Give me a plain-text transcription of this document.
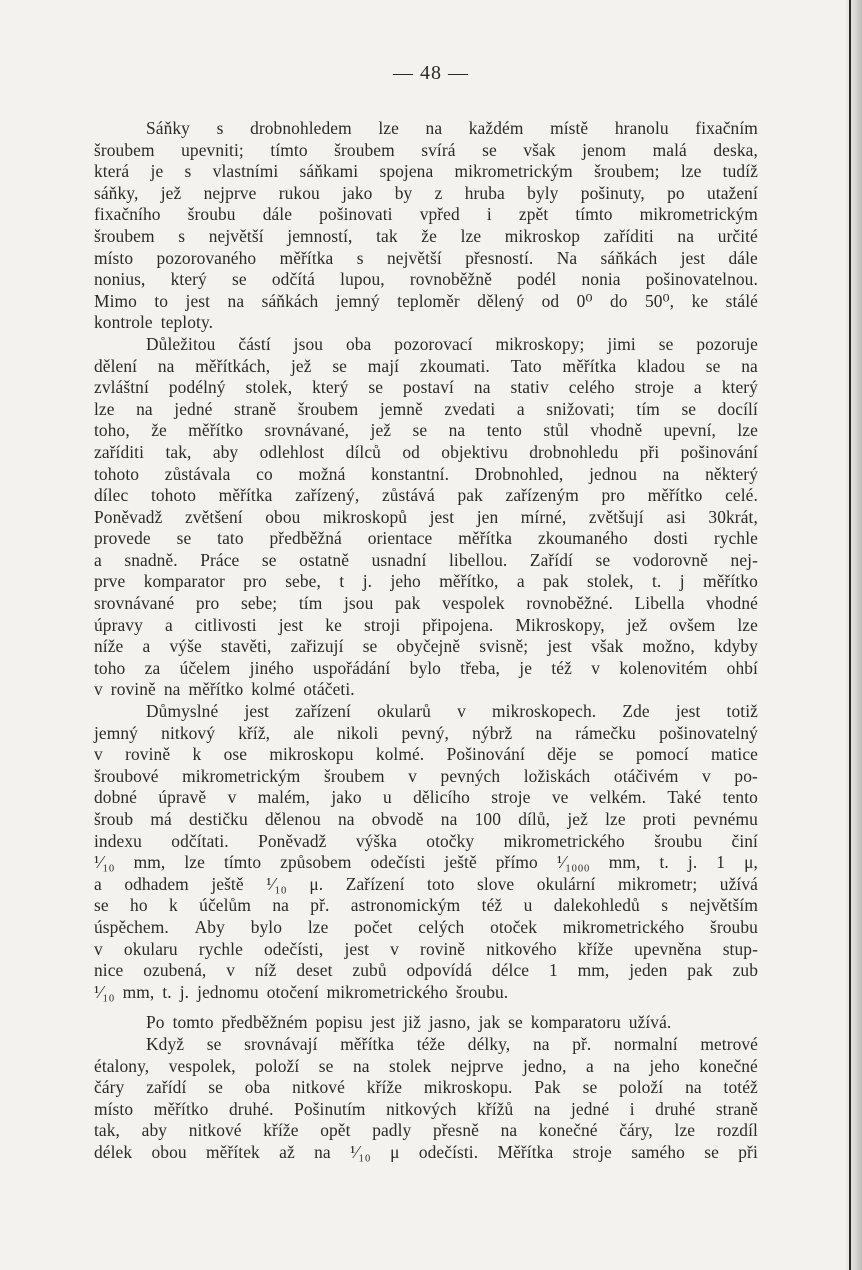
— 48 —
Sáňky s drobnohledem lze na každém místě hranolu fixačním
šroubem upevniti; tímto šroubem svírá se však jenom malá deska,
která je s vlastními sáňkami spojena mikrometrickým šroubem; lze tudíž
sáňky, jež nejprve rukou jako by z hruba byly pošinuty, po utažení
fixačního šroubu dále pošinovati vpřed i zpět tímto mikrometrickým
šroubem s největší jemností, tak že lze mikroskop zaříditi na určité
místo pozorovaného měřítka s největší přesností. Na sáňkách jest dále
nonius, který se odčítá lupou, rovnoběžně podél nonia pošinovatelnou.
Mimo to jest na sáňkách jemný teploměr dělený od 0⁰ do 50⁰, ke stálé
kontrole teploty.
Důležitou částí jsou oba pozorovací mikroskopy; jimi se pozoruje
dělení na měřítkách, jež se mají zkoumati. Tato měřítka kladou se na
zvláštní podélný stolek, který se postaví na stativ celého stroje a který
lze na jedné straně šroubem jemně zvedati a snižovati; tím se docílí
toho, že měřítko srovnávané, jež se na tento stůl vhodně upevní, lze
zaříditi tak, aby odlehlost dílců od objektivu drobnohledu při pošinování
tohoto zůstávala co možná konstantní. Drobnohled, jednou na některý
dílec tohoto měřítka zařízený, zůstává pak zařízeným pro měřítko celé.
Poněvadž zvětšení obou mikroskopů jest jen mírné, zvětšují asi 30krát,
provede se tato předběžná orientace měřítka zkoumaného dosti rychle
a snadně. Práce se ostatně usnadní libellou. Zařídí se vodorovně nej-
prve komparator pro sebe, t j. jeho měřítko, a pak stolek, t. j měřítko
srovnávané pro sebe; tím jsou pak vespolek rovnoběžné. Libella vhodné
úpravy a citlivosti jest ke stroji připojena. Mikroskopy, jež ovšem lze
níže a výše stavěti, zařizují se obyčejně svisně; jest však možno, kdyby
toho za účelem jiného uspořádání bylo třeba, je též v kolenovitém ohbí
v rovině na měřítko kolmé otáčeti.
Důmyslné jest zařízení okularů v mikroskopech. Zde jest totiž
jemný nitkový kříž, ale nikoli pevný, nýbrž na rámečku pošinovatelný
v rovině k ose mikroskopu kolmé. Pošinování děje se pomocí matice
šroubové mikrometrickým šroubem v pevných ložiskách otáčivém v po-
dobné úpravě v malém, jako u dělicího stroje ve velkém. Také tento
šroub má destičku dělenou na obvodě na 100 dílů, jež lze proti pevnému
indexu odčítati. Poněvadž výška otočky mikrometrického šroubu činí
¹⁄₁₀ mm, lze tímto způsobem odečísti ještě přímo ¹⁄₁₀₀₀ mm, t. j. 1 μ,
a odhadem ještě ¹⁄₁₀ μ. Zařízení toto slove okulární mikrometr; užívá
se ho k účelům na př. astronomickým též u dalekohledů s největším
úspěchem. Aby bylo lze počet celých otoček mikrometrického šroubu
v okularu rychle odečísti, jest v rovině nitkového kříže upevněna stup-
nice ozubená, v níž deset zubů odpovídá délce 1 mm, jeden pak zub
¹⁄₁₀ mm, t. j. jednomu otočení mikrometrického šroubu.
Po tomto předběžném popisu jest již jasno, jak se komparatoru užívá.
Když se srovnávají měřítka téže délky, na př. normalní metrové
étalony, vespolek, položí se na stolek nejprve jedno, a na jeho konečné
čáry zařídí se oba nitkové kříže mikroskopu. Pak se položí na totéž
místo měřítko druhé. Pošinutím nitkových křížů na jedné i druhé straně
tak, aby nitkové kříže opět padly přesně na konečné čáry, lze rozdíl
délek obou měřítek až na ¹⁄₁₀ μ odečísti. Měřítka stroje samého se při
